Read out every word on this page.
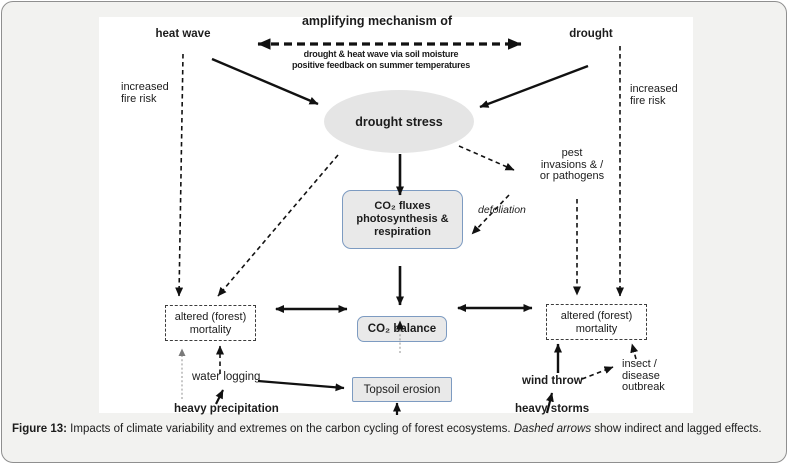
amplifying mechanism of
heat wave	drought
drought & heat wave via soil moisture
positive feedback on summer temperatures
increased
fire risk
increased
fire risk
drought stress
CO₂ fluxes
photosynthesis &
respiration
defoliation
pest
invasions & /
or pathogens
altered (forest)
mortality	CO₂ balance
altered (forest)
mortality
Topsoil erosion
water logging
heavy precipitation
wind throw
heavy storms
insect /
disease
outbreak
Figure 13: Impacts of climate variability and extremes on the carbon cycling of forest ecosystems. Dashed arrows show indirect and lagged effects.
